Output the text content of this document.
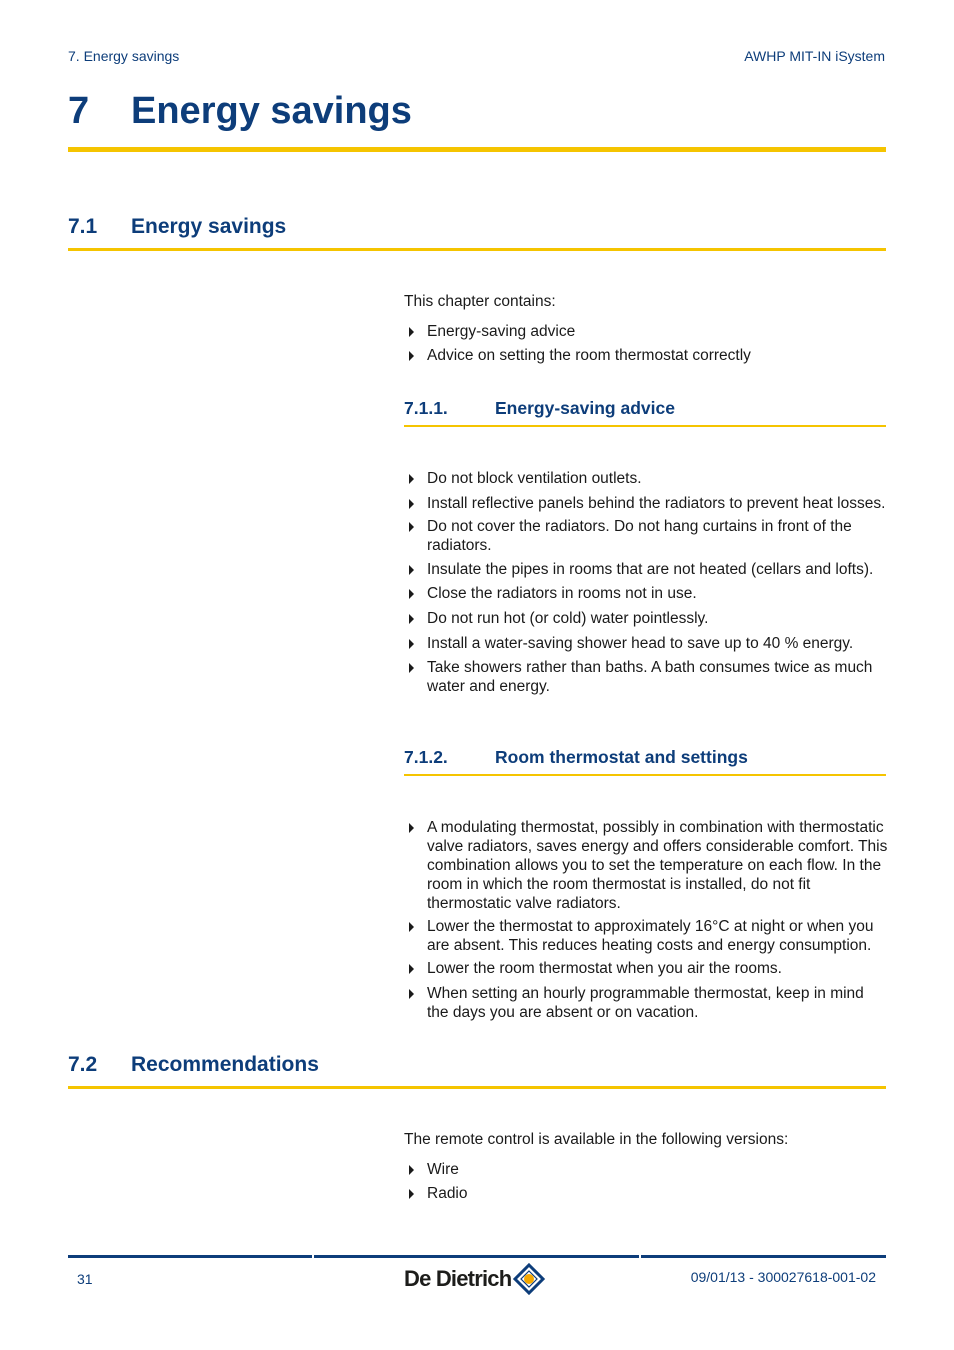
7. Energy savings	AWHP MIT-IN iSystem
7 Energy savings
7.1 Energy savings
This chapter contains:
Energy-saving advice
Advice on setting the room thermostat correctly
7.1.1.	Energy-saving advice
Do not block ventilation outlets.
Install reflective panels behind the radiators to prevent heat losses.
Do not cover the radiators. Do not hang curtains in front of the radiators.
Insulate the pipes in rooms that are not heated (cellars and lofts).
Close the radiators in rooms not in use.
Do not run hot (or cold) water pointlessly.
Install a water-saving shower head to save up to 40 % energy.
Take showers rather than baths. A bath consumes twice as much water and energy.
7.1.2.	Room thermostat and settings
A modulating thermostat, possibly in combination with thermostatic valve radiators, saves energy and offers considerable comfort. This combination allows you to set the temperature on each flow. In the room in which the room thermostat is installed, do not fit thermostatic valve radiators.
Lower the thermostat to approximately 16°C at night or when you are absent. This reduces heating costs and energy consumption.
Lower the room thermostat when you air the rooms.
When setting an hourly programmable thermostat, keep in mind the days you are absent or on vacation.
7.2 Recommendations
The remote control is available in the following versions:
Wire
Radio
31	De Dietrich	09/01/13 - 300027618-001-02
